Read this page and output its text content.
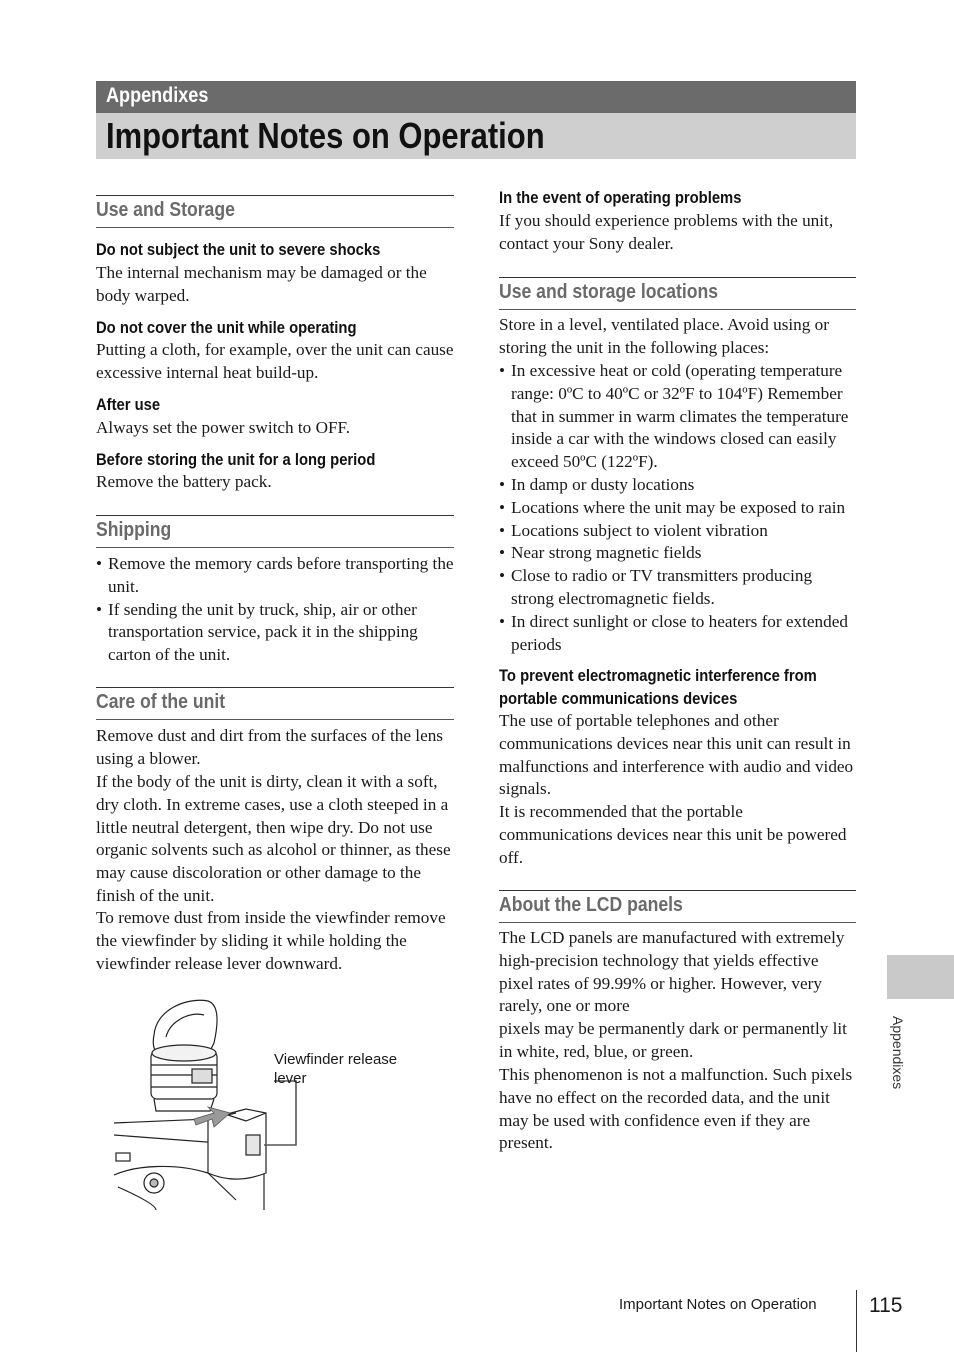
Appendixes
Important Notes on Operation
Use and Storage
Do not subject the unit to severe shocks
The internal mechanism may be damaged or the body warped.
Do not cover the unit while operating
Putting a cloth, for example, over the unit can cause excessive internal heat build-up.
After use
Always set the power switch to OFF.
Before storing the unit for a long period
Remove the battery pack.
Shipping
• Remove the memory cards before transporting the unit.
• If sending the unit by truck, ship, air or other transportation service, pack it in the shipping carton of the unit.
Care of the unit
Remove dust and dirt from the surfaces of the lens using a blower.
If the body of the unit is dirty, clean it with a soft, dry cloth. In extreme cases, use a cloth steeped in a little neutral detergent, then wipe dry. Do not use organic solvents such as alcohol or thinner, as these may cause discoloration or other damage to the finish of the unit.
To remove dust from inside the viewfinder remove the viewfinder by sliding it while holding the viewfinder release lever downward.
Viewfinder release lever
In the event of operating problems
If you should experience problems with the unit, contact your Sony dealer.
Use and storage locations
Store in a level, ventilated place. Avoid using or storing the unit in the following places:
• In excessive heat or cold (operating temperature range: 0ºC to 40ºC or 32ºF to 104ºF) Remember that in summer in warm climates the temperature inside a car with the windows closed can easily exceed 50ºC (122ºF).
• In damp or dusty locations
• Locations where the unit may be exposed to rain
• Locations subject to violent vibration
• Near strong magnetic fields
• Close to radio or TV transmitters producing strong electromagnetic fields.
• In direct sunlight or close to heaters for extended periods
To prevent electromagnetic interference from
portable communications devices
The use of portable telephones and other communications devices near this unit can result in malfunctions and interference with audio and video signals.
It is recommended that the portable communications devices near this unit be powered off.
About the LCD panels
The LCD panels are manufactured with extremely high-precision technology that yields effective pixel rates of 99.99% or higher. However, very rarely, one or more
pixels may be permanently dark or permanently lit in white, red, blue, or green.
This phenomenon is not a malfunction. Such pixels have no effect on the recorded data, and the unit may be used with confidence even if they are present.
Appendixes
Important Notes on Operation 115
